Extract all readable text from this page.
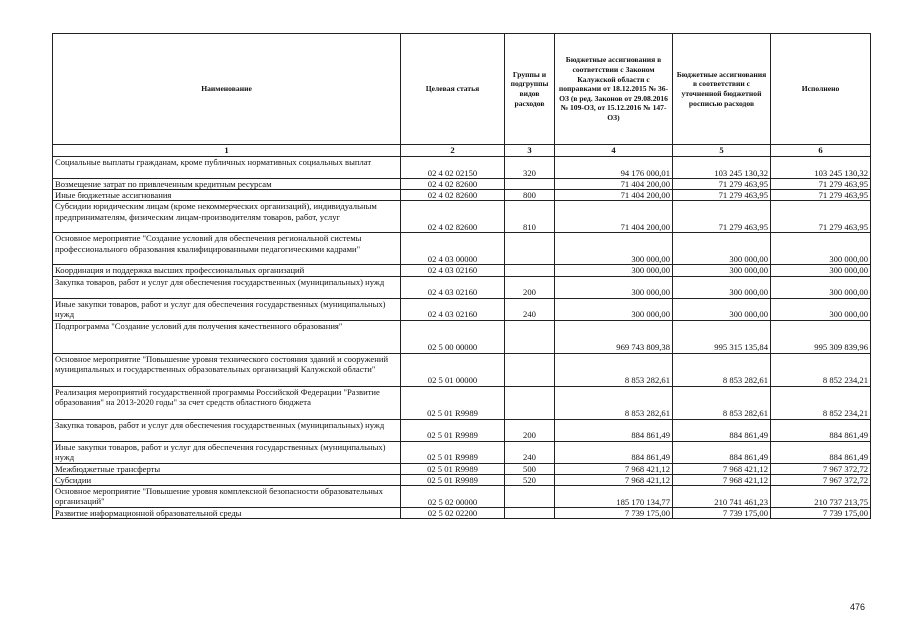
Наименование	Целевая статья	Группы и подгруппы видов расходов	Бюджетные ассигнования в соответствии с Законом Калужской области с поправками от 18.12.2015 № 36-ОЗ (в ред. Законов от 29.08.2016 № 109-ОЗ, от 15.12.2016 № 147-ОЗ)	Бюджетные ассигнования в соответствии с уточненной бюджетной росписью расходов	Исполнено
1	2	3	4	5	6
Социальные выплаты гражданам, кроме публичных нормативных социальных выплат	02 4 02 02150	320	94 176 000,01	103 245 130,32	103 245 130,32
Возмещение затрат по привлеченным кредитным ресурсам	02 4 02 82600		71 404 200,00	71 279 463,95	71 279 463,95
Иные бюджетные ассигнования	02 4 02 82600	800	71 404 200,00	71 279 463,95	71 279 463,95
Субсидии юридическим лицам (кроме некоммерческих организаций), индивидуальным предпринимателям, физическим лицам-производителям товаров, работ, услуг	02 4 02 82600	810	71 404 200,00	71 279 463,95	71 279 463,95
Основное мероприятие "Создание условий для обеспечения региональной системы профессионального образования квалифицированными педагогическими кадрами"	02 4 03 00000		300 000,00	300 000,00	300 000,00
Координация и поддержка высших профессиональных организаций	02 4 03 02160		300 000,00	300 000,00	300 000,00
Закупка товаров, работ и услуг для обеспечения государственных (муниципальных) нужд	02 4 03 02160	200	300 000,00	300 000,00	300 000,00
Иные закупки товаров, работ и услуг для обеспечения государственных (муниципальных) нужд	02 4 03 02160	240	300 000,00	300 000,00	300 000,00
Подпрограмма "Создание условий для получения качественного образования"	02 5 00 00000		969 743 809,38	995 315 135,84	995 309 839,96
Основное мероприятие "Повышение уровня технического состояния зданий и сооружений муниципальных и государственных образовательных организаций Калужской области"	02 5 01 00000		8 853 282,61	8 853 282,61	8 852 234,21
Реализация мероприятий государственной программы Российской Федерации "Развитие образования" на 2013-2020 годы" за счет средств областного бюджета	02 5 01 R9989		8 853 282,61	8 853 282,61	8 852 234,21
Закупка товаров, работ и услуг для обеспечения государственных (муниципальных) нужд	02 5 01 R9989	200	884 861,49	884 861,49	884 861,49
Иные закупки товаров, работ и услуг для обеспечения государственных (муниципальных) нужд	02 5 01 R9989	240	884 861,49	884 861,49	884 861,49
Межбюджетные трансферты	02 5 01 R9989	500	7 968 421,12	7 968 421,12	7 967 372,72
Субсидии	02 5 01 R9989	520	7 968 421,12	7 968 421,12	7 967 372,72
Основное мероприятие "Повышение уровня комплексной безопасности образовательных организаций"	02 5 02 00000		185 170 134,77	210 741 461,23	210 737 213,75
Развитие информационной образовательной среды	02 5 02 02200		7 739 175,00	7 739 175,00	7 739 175,00
476
